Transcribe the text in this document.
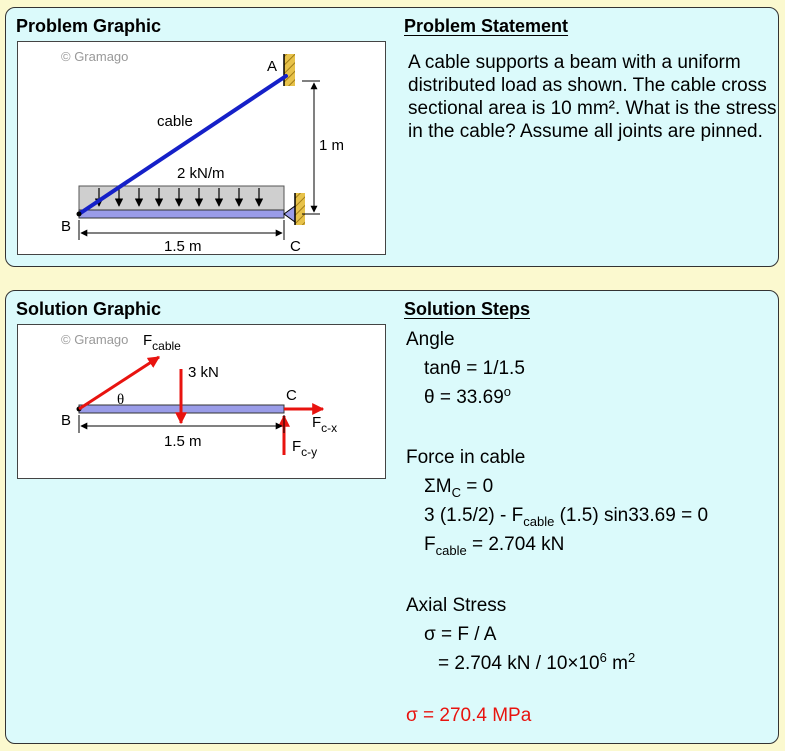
Problem Graphic	Problem Statement
© Gramago
1 m
1.5 m
A
B
C
cable
2 kN/m
A cable supports a beam with a uniform distributed load as shown. The cable cross sectional area is 10 mm². What is the stress in the cable? Assume all joints are pinned.
Solution Graphic	Solution Steps
© Gramago
1.5 m
$F_{cable}$
3 kN
θ
B
C
$F_{c-x}$
$F_{c-y}$
Angle
tanθ = 1/1.5
$\theta = 33.69^o$
Force in cable
$\Sigma M_C = 0$
3 $(1.5/2) - F_{cable}$ (1.5) sin33.69 = 0
$F_{cable} = 2.704$ kN
Axial Stress
σ = F / A
= 2.704 kN / $10\times 10^6$ $m^2$
σ = 270.4 MPa
